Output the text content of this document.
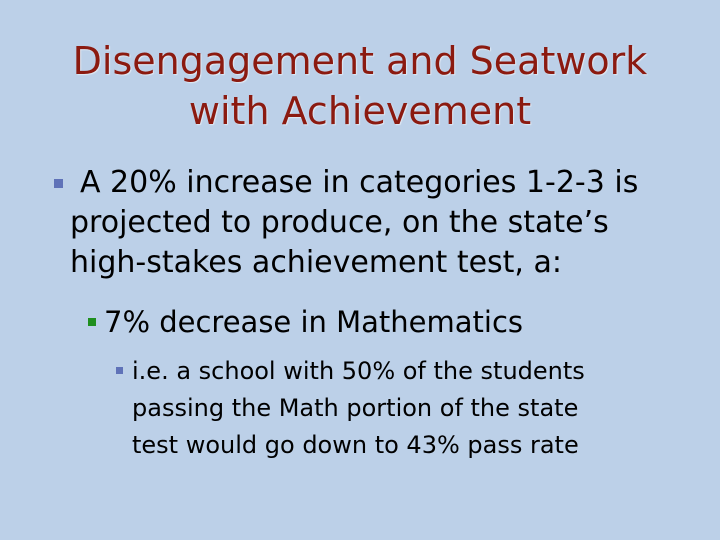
Disengagement and Seatwork
with Achievement
A 20% increase in categories 1-2-3 is
projected to produce, on the state’s
high-stakes achievement test, a:
7% decrease in Mathematics
i.e. a school with 50% of the students
passing the Math portion of the state
test would go down to 43% pass rate
